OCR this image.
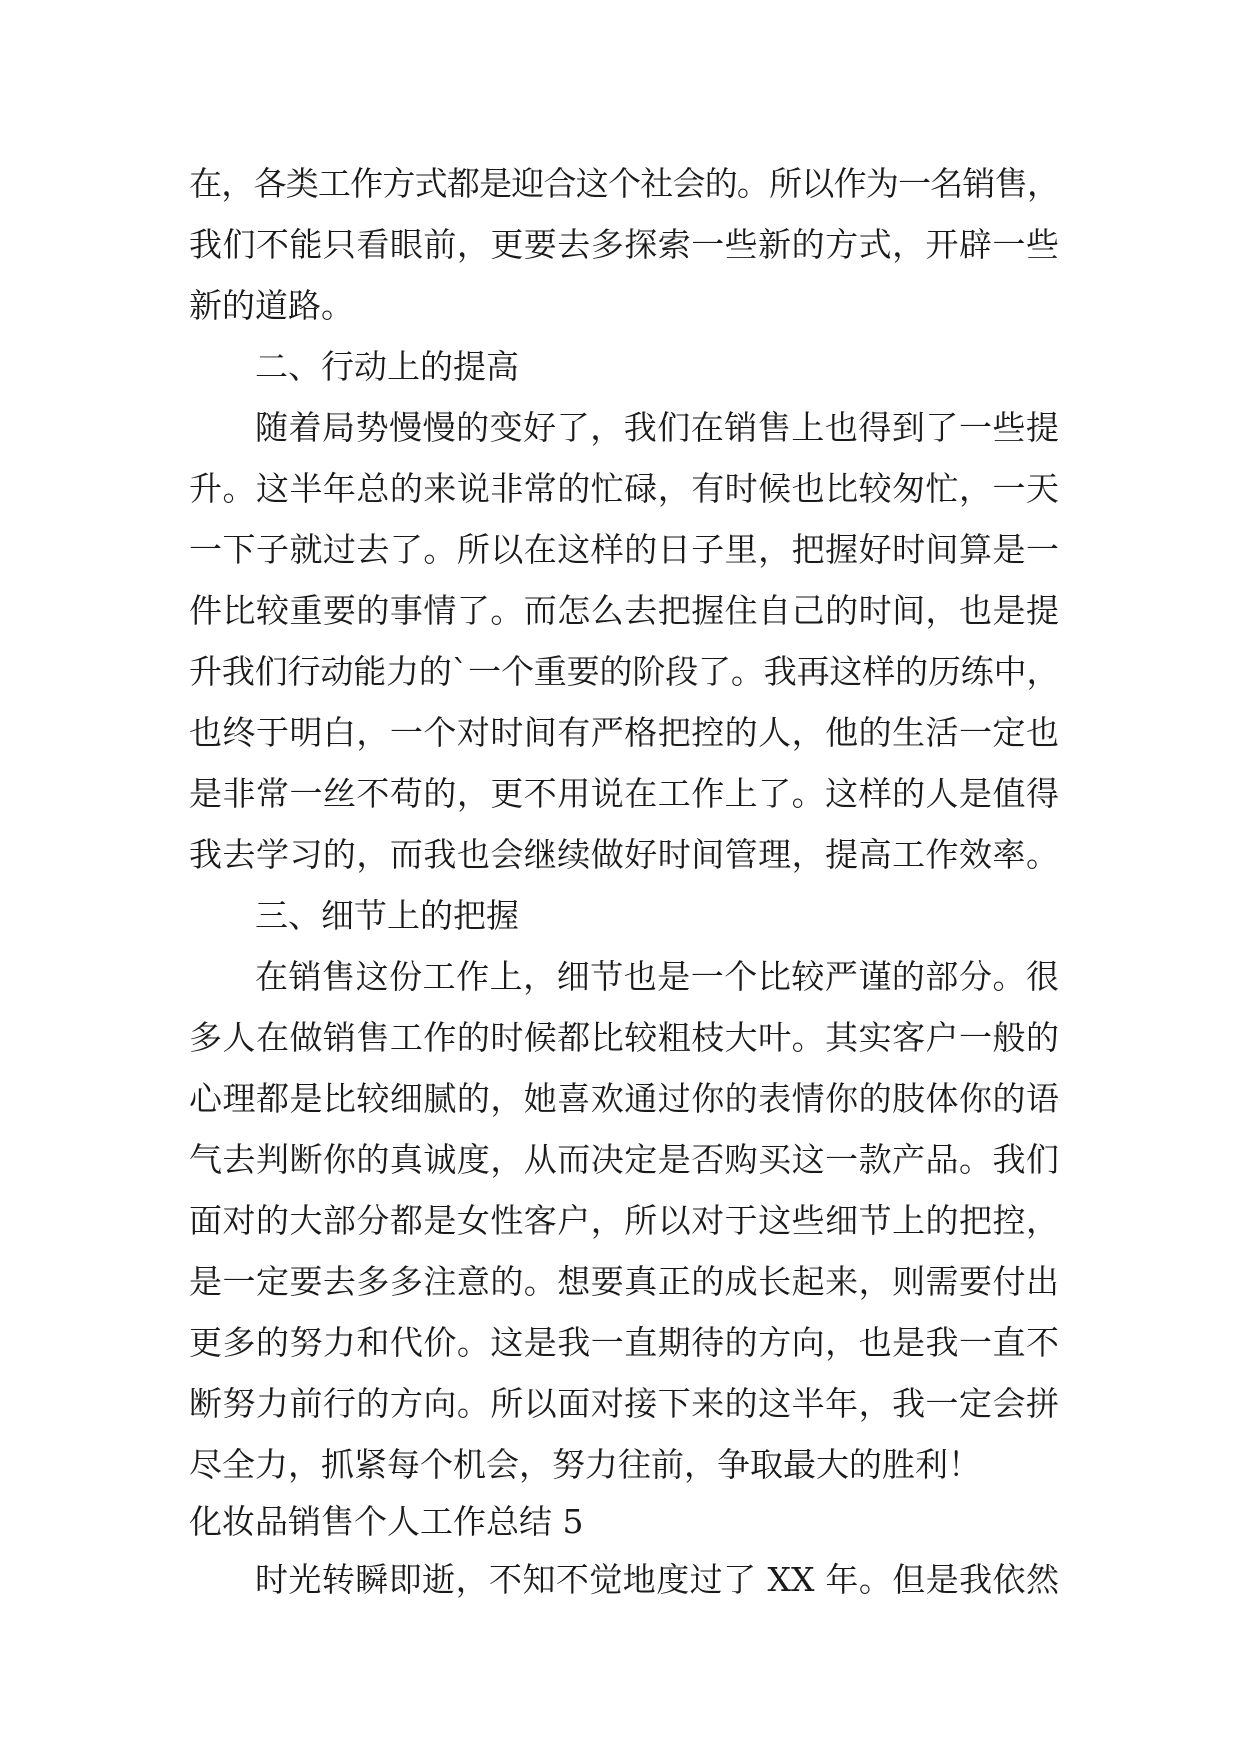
在，各类工作方式都是迎合这个社会的。所以作为一名销售，
我们不能只看眼前，更要去多探索一些新的方式，开辟一些
新的道路。
二、行动上的提高
随着局势慢慢的变好了，我们在销售上也得到了一些提
升。这半年总的来说非常的忙碌，有时候也比较匆忙，一天
一下子就过去了。所以在这样的日子里，把握好时间算是一
件比较重要的事情了。而怎么去把握住自己的时间，也是提
升我们行动能力的`一个重要的阶段了。我再这样的历练中，
也终于明白，一个对时间有严格把控的人，他的生活一定也
是非常一丝不苟的，更不用说在工作上了。这样的人是值得
我去学习的，而我也会继续做好时间管理，提高工作效率。
三、细节上的把握
在销售这份工作上，细节也是一个比较严谨的部分。很
多人在做销售工作的时候都比较粗枝大叶。其实客户一般的
心理都是比较细腻的，她喜欢通过你的表情你的肢体你的语
气去判断你的真诚度，从而决定是否购买这一款产品。我们
面对的大部分都是女性客户，所以对于这些细节上的把控，
是一定要去多多注意的。想要真正的成长起来，则需要付出
更多的努力和代价。这是我一直期待的方向，也是我一直不
断努力前行的方向。所以面对接下来的这半年，我一定会拼
尽全力，抓紧每个机会，努力往前，争取最大的胜利！
化妆品销售个人工作总结 5
时光转瞬即逝，不知不觉地度过了 XX 年。但是我依然
